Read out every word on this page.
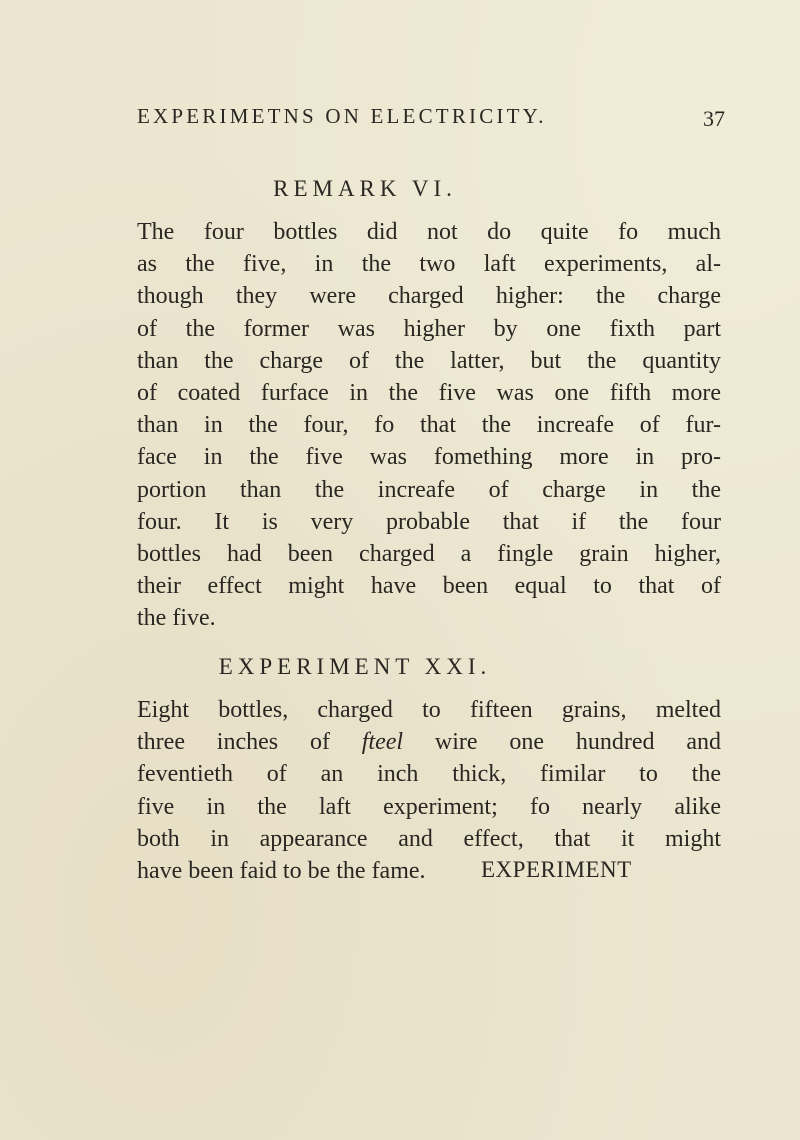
EXPERIMETNS ON ELECTRICITY.	37
REMARK VI.
The four bottles did not do quite fo much
as the five, in the two laft experiments, al-
though they were charged higher: the charge
of the former was higher by one fixth part
than the charge of the latter, but the quantity
of coated furface in the five was one fifth more
than in the four, fo that the increafe of fur-
face in the five was fomething more in pro-
portion than the increafe of charge in the
four. It is very probable that if the four
bottles had been charged a fingle grain higher,
their effect might have been equal to that of
the five.
EXPERIMENT XXI.
Eight bottles, charged to fifteen grains, melted
three inches of fteel wire one hundred and
feventieth of an inch thick, fimilar to the
five in the laft experiment; fo nearly alike
both in appearance and effect, that it might
have been faid to be the fame.	EXPERIMENT
